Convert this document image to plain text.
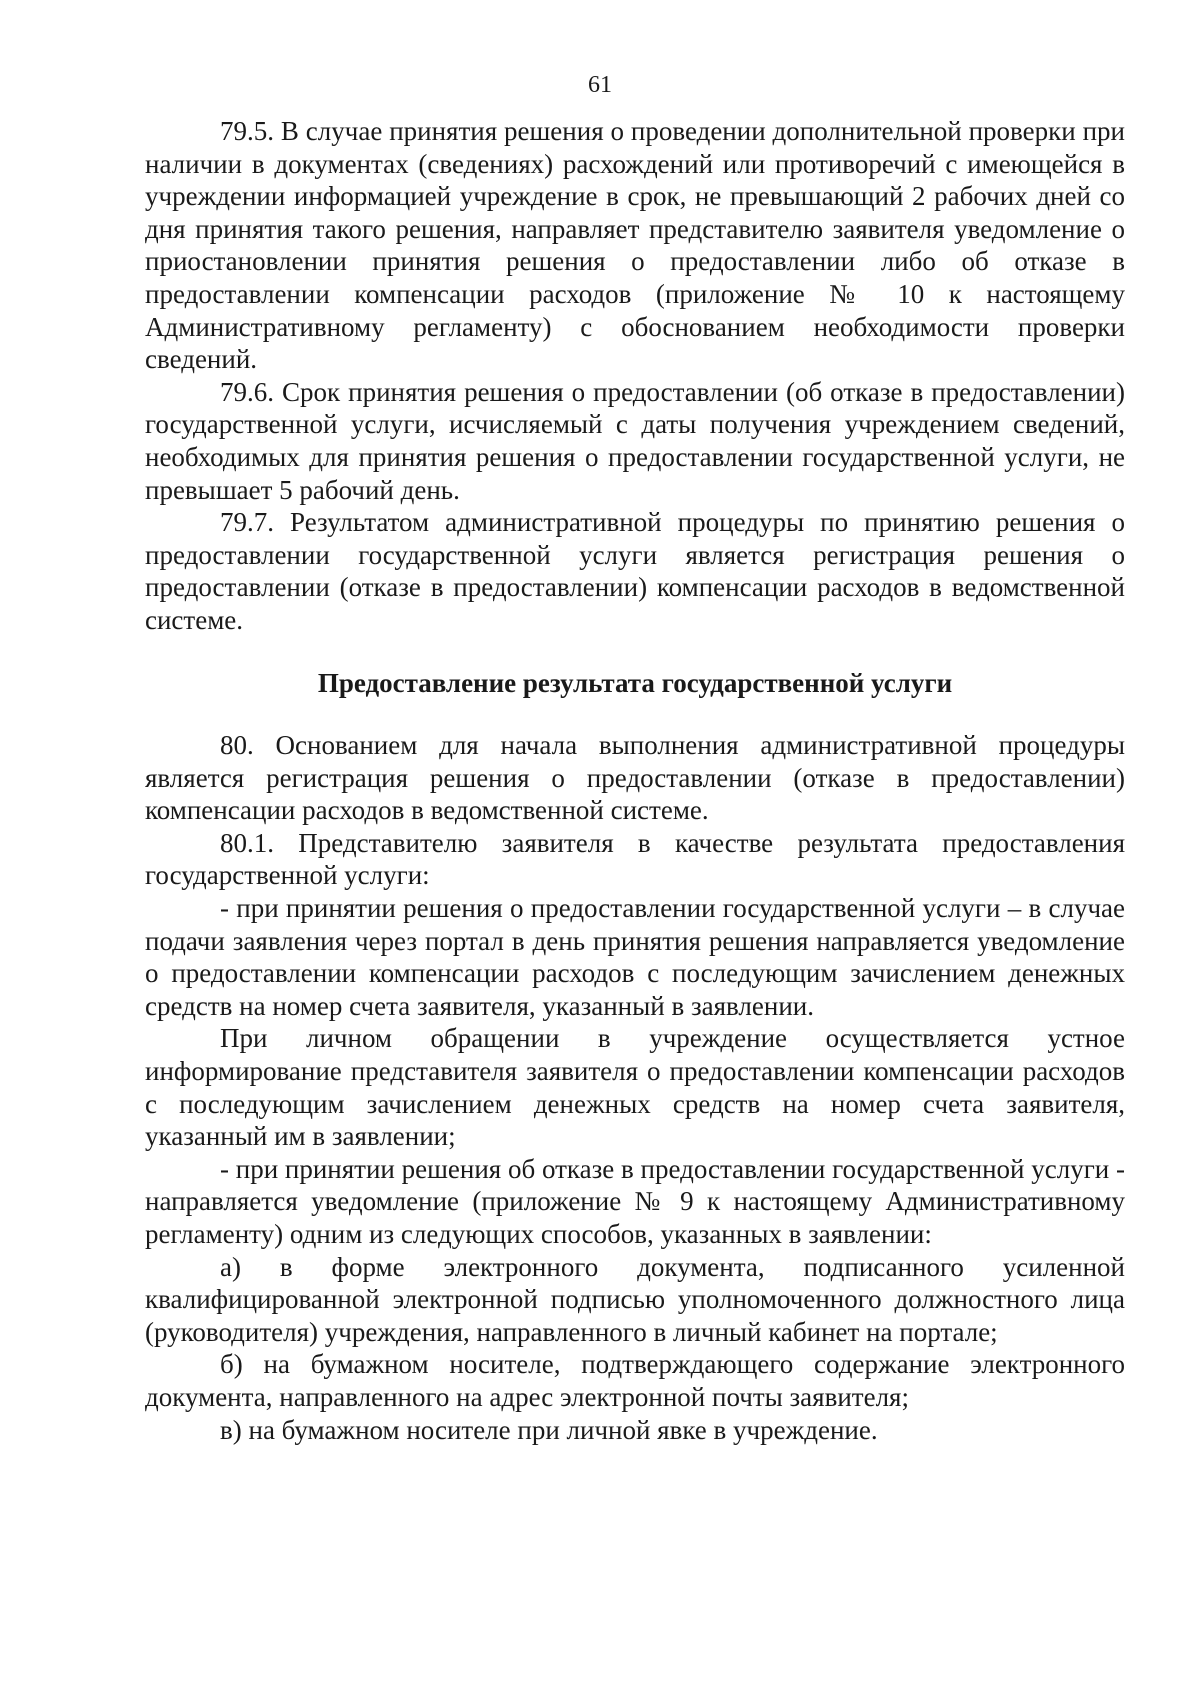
61

79.5. В случае принятия решения о проведении дополнительной проверки при наличии в документах (сведениях) расхождений или противоречий с имеющейся в учреждении информацией учреждение в срок, не превышающий 2 рабочих дней со дня принятия такого решения, направляет представителю заявителя уведомление о приостановлении принятия решения о предоставлении либо об отказе в предоставлении компенсации расходов (приложение № 10 к настоящему Административному регламенту) с обоснованием необходимости проверки сведений.

79.6. Срок принятия решения о предоставлении (об отказе в предоставлении) государственной услуги, исчисляемый с даты получения учреждением сведений, необходимых для принятия решения о предоставлении государственной услуги, не превышает 5 рабочий день.

79.7. Результатом административной процедуры по принятию решения о предоставлении государственной услуги является регистрация решения о предоставлении (отказе в предоставлении) компенсации расходов в ведомственной системе.

Предоставление результата государственной услуги

80. Основанием для начала выполнения административной процедуры является регистрация решения о предоставлении (отказе в предоставлении) компенсации расходов в ведомственной системе.

80.1. Представителю заявителя в качестве результата предоставления государственной услуги:

- при принятии решения о предоставлении государственной услуги – в случае подачи заявления через портал в день принятия решения направляется уведомление о предоставлении компенсации расходов с последующим зачислением денежных средств на номер счета заявителя, указанный в заявлении.

При личном обращении в учреждение осуществляется устное информирование представителя заявителя о предоставлении компенсации расходов с последующим зачислением денежных средств на номер счета заявителя, указанный им в заявлении;

- при принятии решения об отказе в предоставлении государственной услуги - направляется уведомление (приложение № 9 к настоящему Административному регламенту) одним из следующих способов, указанных в заявлении:

а) в форме электронного документа, подписанного усиленной квалифицированной электронной подписью уполномоченного должностного лица (руководителя) учреждения, направленного в личный кабинет на портале;

б) на бумажном носителе, подтверждающего содержание электронного документа, направленного на адрес электронной почты заявителя;

в) на бумажном носителе при личной явке в учреждение.
